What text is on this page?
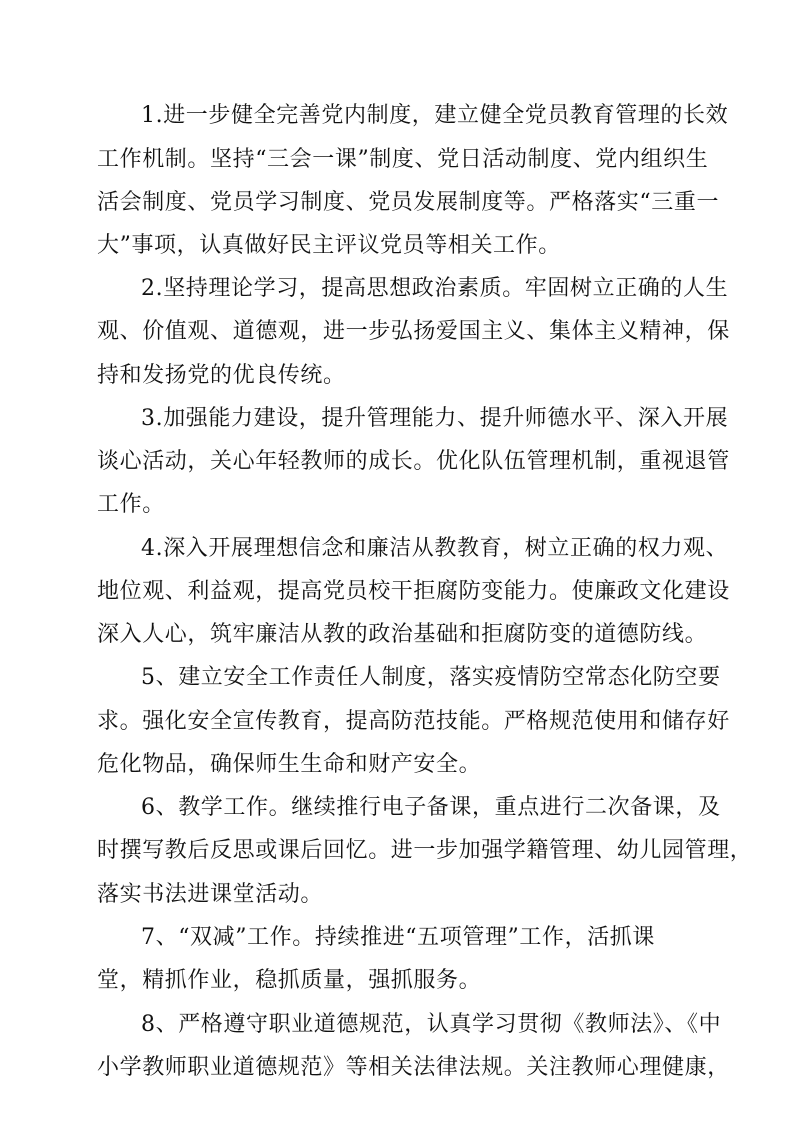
1.进一步健全完善党内制度，建立健全党员教育管理的长效
工作机制。坚持“三会一课”制度、党日活动制度、党内组织生
活会制度、党员学习制度、党员发展制度等。严格落实“三重一
大”事项，认真做好民主评议党员等相关工作。
2.坚持理论学习，提高思想政治素质。牢固树立正确的人生
观、价值观、道德观，进一步弘扬爱国主义、集体主义精神，保
持和发扬党的优良传统。
3.加强能力建设，提升管理能力、提升师德水平、深入开展
谈心活动，关心年轻教师的成长。优化队伍管理机制，重视退管
工作。
4.深入开展理想信念和廉洁从教教育，树立正确的权力观、
地位观、利益观，提高党员校干拒腐防变能力。使廉政文化建设
深入人心，筑牢廉洁从教的政治基础和拒腐防变的道德防线。
5、建立安全工作责任人制度，落实疫情防空常态化防空要
求。强化安全宣传教育，提高防范技能。严格规范使用和储存好
危化物品，确保师生生命和财产安全。
6、教学工作。继续推行电子备课，重点进行二次备课，及
时撰写教后反思或课后回忆。进一步加强学籍管理、幼儿园管理，
落实书法进课堂活动。
7、“双减”工作。持续推进“五项管理”工作，活抓课
堂，精抓作业，稳抓质量，强抓服务。
8、严格遵守职业道德规范，认真学习贯彻《教师法》、《中
小学教师职业道德规范》等相关法律法规。关注教师心理健康，
